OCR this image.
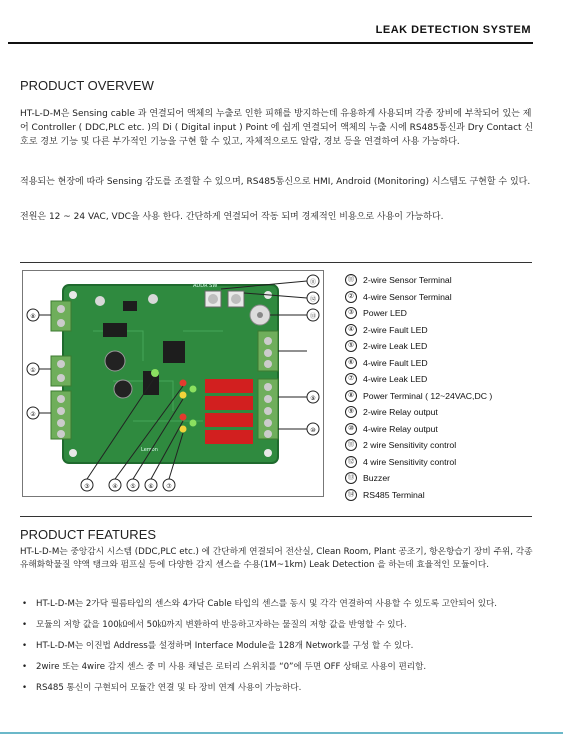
LEAK DETECTION SYSTEM
PRODUCT OVERVEW

HT-L-D-M은 Sensing cable 과 연결되어 액체의 누출로 인한 피해를 방지하는데 유용하게 사용되며 각종 장비에 부착되어 있는 제어 Controller ( DDC,PLC etc. )의 Di ( Digital input ) Point 에 쉽게 연결되어 액체의 누출 시에 RS485통신과 Dry Contact 신호로 경보 기능 및 다른 부가적인 기능을 구현 할 수 있고, 자체적으로도 알람, 경보 등을 연결하여 사용 가능하다.

적용되는 현장에 따라 Sensing 감도를 조절할 수 있으며, RS485통신으로 HMI, Android (Monitoring) 시스템도 구현할 수 있다.

전원은 12 ~ 24 VAC, VDC을 사용 한다. 간단하게 연결되어 작동 되며 경제적인 비용으로 사용이 가능하다.

ADDR SW
Lemon
⑧
①
②
⑪
⑫
⑬
⑨
⑩
③	④ ⑤ ⑥ ⑦
⑪	2-wire Sensor Terminal
②	4-wire Sensor Terminal
③	Power LED
④	2-wire Fault LED
⑤	2-wire Leak LED
⑥	4-wire Fault LED
⑦	4-wire Leak LED
⑧	Power Terminal ( 12~24VAC,DC )
⑨	2-wire Relay output
⑩	4-wire Relay output
⑪	2 wire Sensitivity control
⑫	4 wire Sensitivity control
⑬	Buzzer
⑭	RS485 Terminal
PRODUCT FEATURES

HT-L-D-M는 중앙감시 시스템 (DDC,PLC etc.) 에 간단하게 연결되어 전산실, Clean Room, Plant 공조기, 항온항습기 장비 주위, 각종 유해화학물질 약액 탱크와 펌프실 등에 다양한 감지 센스을 수용(1M~1km) Leak Detection 을 하는데 효율적인 모듈이다.

• HT-L-D-M는 2가닥 필름타입의 센스와 4가닥 Cable 타입의 센스를 동시 및 각각 연결하여 사용할 수 있도록 고안되어 있다.
• 모듈의 저항 값을 100㏀에서 50㏀까지 변환하여 반응하고자하는 물질의 저항 값을 반영할 수 있다.
• HT-L-D-M는 이진법 Address를 설정하며 Interface Module을 128개 Network를 구성 할 수 있다.
• 2wire 또는 4wire 감지 센스 중 미 사용 채널은 로터리 스위치를 “0”에 두면 OFF 상태로 사용이 편리함.
• RS485 통신이 구현되어 모듈간 연결 및 타 장비 연계 사용이 가능하다.
